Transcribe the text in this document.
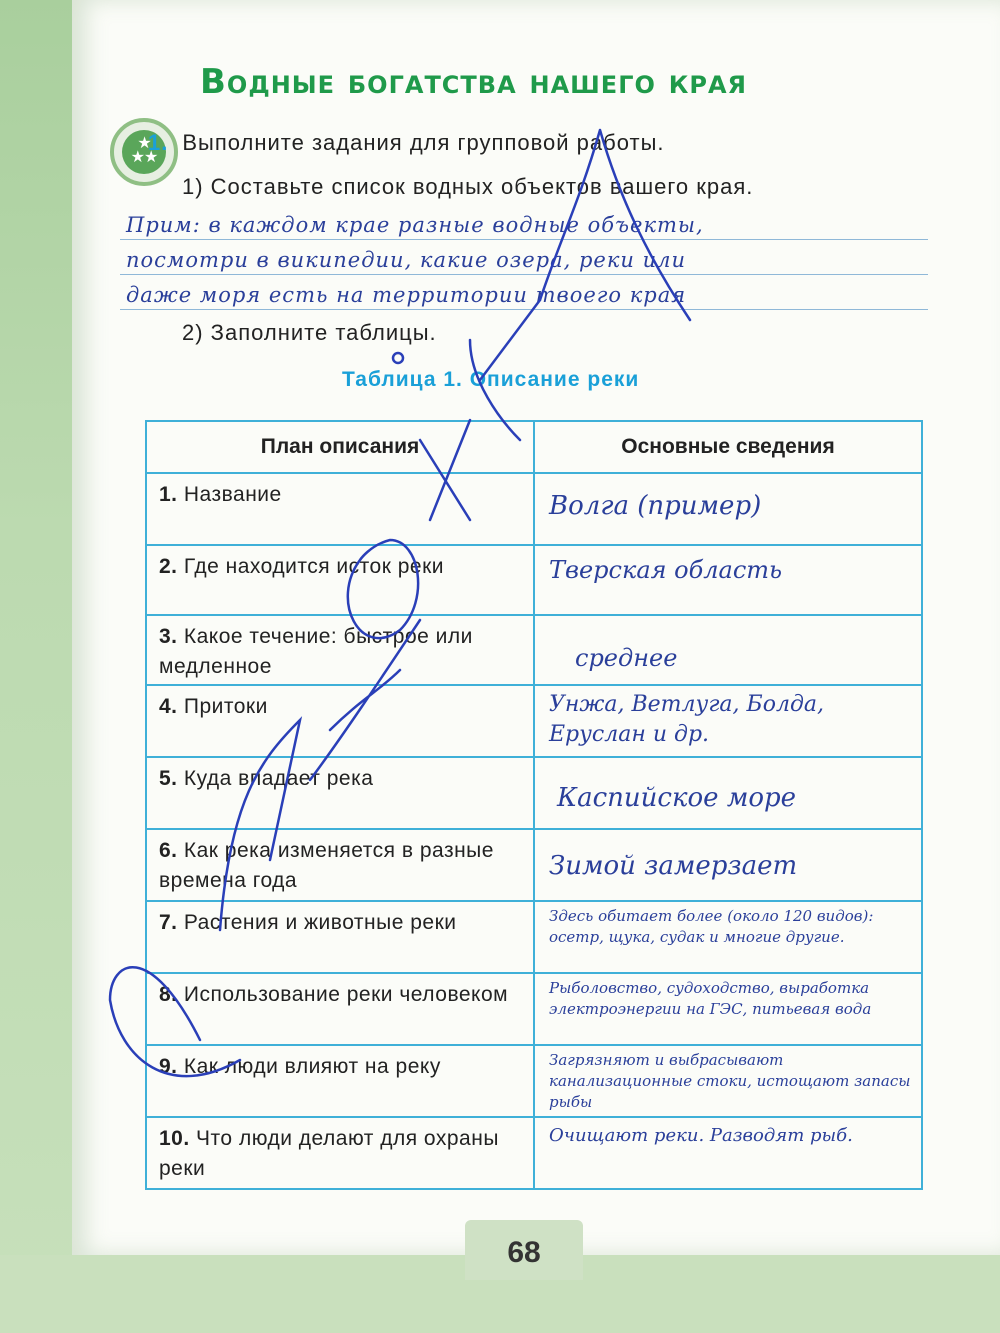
★
★★
Водные богатства нашего края
1. Выполните задания для групповой работы.
1) Составьте список водных объектов вашего края.
Прим: в каждом крае разные водные объекты,
посмотри в википедии, какие озера, реки или
даже моря есть на территории твоего края
2) Заполните таблицы.
Таблица 1. Описание реки
План описания	Основные сведения
1. Название	Волга (пример)
2. Где находится исток реки	Тверская область
3. Какое течение: быстрое или медленное	среднее
4. Притоки	Унжа, Ветлуга, Болда, Еруслан и др.
5. Куда впадает река	Каспийское море
6. Как река изменяется в разные времена года	Зимой замерзает
7. Растения и животные реки	Здесь обитает более (около 120 видов): осетр, щука, судак и многие другие.
8. Использование реки человеком	Рыболовство, судоходство, выработка электроэнергии на ГЭС, питьевая вода
9. Как люди влияют на реку	Загрязняют и выбрасывают канализационные стоки, истощают запасы рыбы
10. Что люди делают для охраны реки	Очищают реки. Разводят рыб.
68
